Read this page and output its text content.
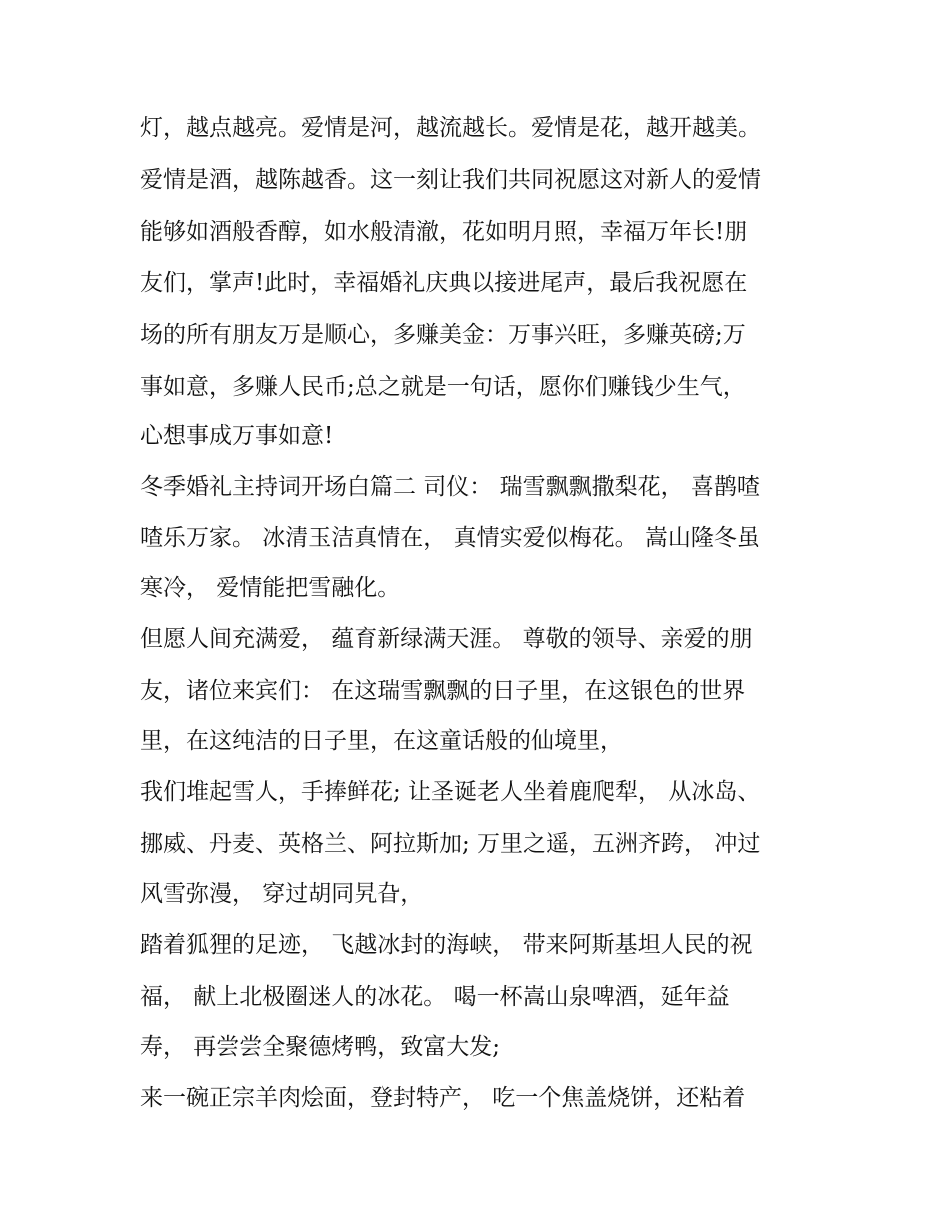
灯，越点越亮。爱情是河，越流越长。爱情是花，越开越美。
爱情是酒，越陈越香。这一刻让我们共同祝愿这对新人的爱情
能够如酒般香醇，如水般清澈，花如明月照，幸福万年长!朋
友们，掌声!此时，幸福婚礼庆典以接进尾声，最后我祝愿在
场的所有朋友万是顺心，多赚美金：万事兴旺，多赚英磅;万
事如意，多赚人民币;总之就是一句话，愿你们赚钱少生气，
心想事成万事如意!
冬季婚礼主持词开场白篇二 司仪： 瑞雪飘飘撒梨花， 喜鹊喳
喳乐万家。 冰清玉洁真情在， 真情实爱似梅花。 嵩山隆冬虽
寒冷， 爱情能把雪融化。
但愿人间充满爱， 蕴育新绿满天涯。 尊敬的领导、亲爱的朋
友，诸位来宾们： 在这瑞雪飘飘的日子里，在这银色的世界
里，在这纯洁的日子里，在这童话般的仙境里，
我们堆起雪人，手捧鲜花; 让圣诞老人坐着鹿爬犁， 从冰岛、
挪威、丹麦、英格兰、阿拉斯加; 万里之遥，五洲齐跨， 冲过
风雪弥漫， 穿过胡同旯旮，
踏着狐狸的足迹， 飞越冰封的海峡， 带来阿斯基坦人民的祝
福， 献上北极圈迷人的冰花。 喝一杯嵩山泉啤酒，延年益
寿， 再尝尝全聚德烤鸭，致富大发;
来一碗正宗羊肉烩面，登封特产， 吃一个焦盖烧饼，还粘着
